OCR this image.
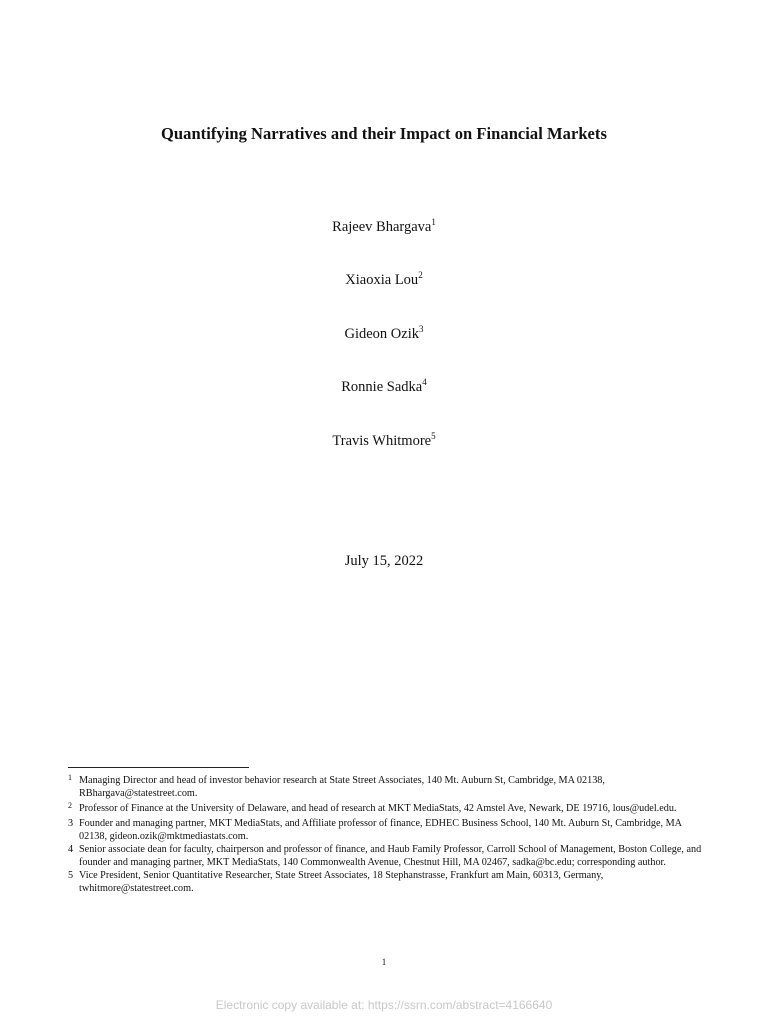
Quantifying Narratives and their Impact on Financial Markets
Rajeev Bhargava$^1$
Xiaoxia Lou$^2$
Gideon Ozik$^3$
Ronnie Sadka$^4$
Travis Whitmore$^5$
July 15, 2022
1 Managing Director and head of investor behavior research at State Street Associates, 140 Mt. Auburn St, Cambridge, MA 02138, RBhargava@statestreet.com.
2 Professor of Finance at the University of Delaware, and head of research at MKT MediaStats, 42 Amstel Ave, Newark, DE 19716, lous@udel.edu.
3 Founder and managing partner, MKT MediaStats, and Affiliate professor of finance, EDHEC Business School, 140 Mt. Auburn St, Cambridge, MA 02138, gideon.ozik@mktmediastats.com.
4 Senior associate dean for faculty, chairperson and professor of finance, and Haub Family Professor, Carroll School of Management, Boston College, and founder and managing partner, MKT MediaStats, 140 Commonwealth Avenue, Chestnut Hill, MA 02467, sadka@bc.edu; corresponding author.
5 Vice President, Senior Quantitative Researcher, State Street Associates, 18 Stephanstrasse, Frankfurt am Main, 60313, Germany, twhitmore@statestreet.com.
1
Electronic copy available at: https://ssrn.com/abstract=4166640
